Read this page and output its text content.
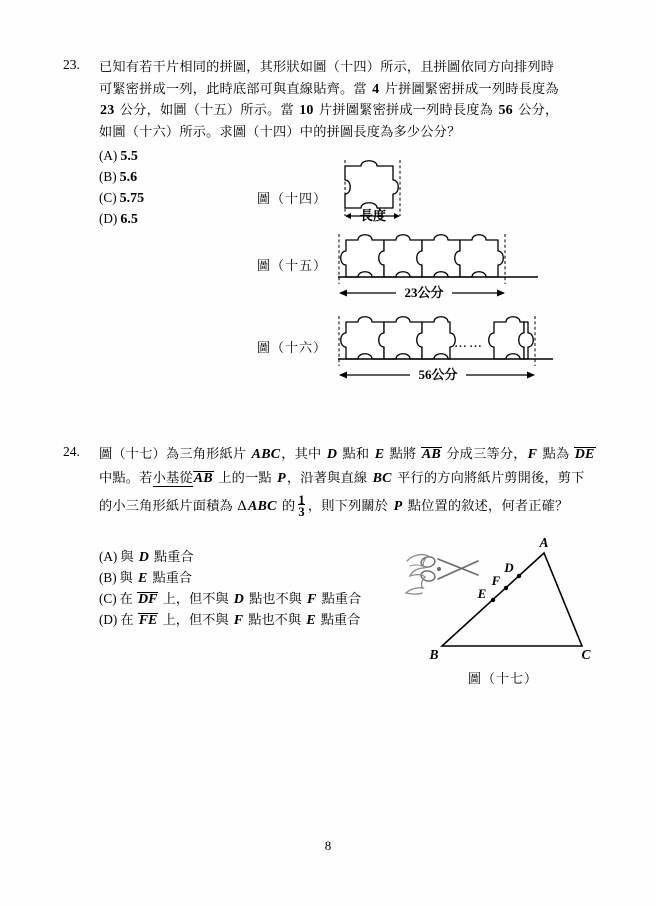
23.	已知有若干片相同的拼圖，其形狀如圖（十四）所示，且拼圖依同方向排列時
可緊密拼成一列，此時底部可與直線貼齊。當 4 片拼圖緊密拼成一列時長度為
23 公分，如圖（十五）所示。當 10 片拼圖緊密拼成一列時長度為 56 公分，
如圖（十六）所示。求圖（十四）中的拼圖長度為多少公分？
(A) 5.5
(B) 5.6
(C) 5.75
(D) 6.5
圖（十四）
長度
圖（十五）
23公分
圖（十六）
56公分
……
24.	圖（十七）為三角形紙片 ABC，其中 D 點和 E 點將 AB 分成三等分，F 點為 DE
中點。若小基從AB 上的一點 P，沿著與直線 BC 平行的方向將紙片剪開後，剪下
的小三角形紙片面積為 ΔABC 的 $\frac{1}{3}$ ，則下列關於 P 點位置的敘述，何者正確？
(A) 與 D 點重合
(B) 與 E 點重合
(C) 在 DF 上，但不與 D 點也不與 F 點重合
(D) 在 FE 上，但不與 F 點也不與 E 點重合
A
B	C
D
F
E
圖（十七）
8
